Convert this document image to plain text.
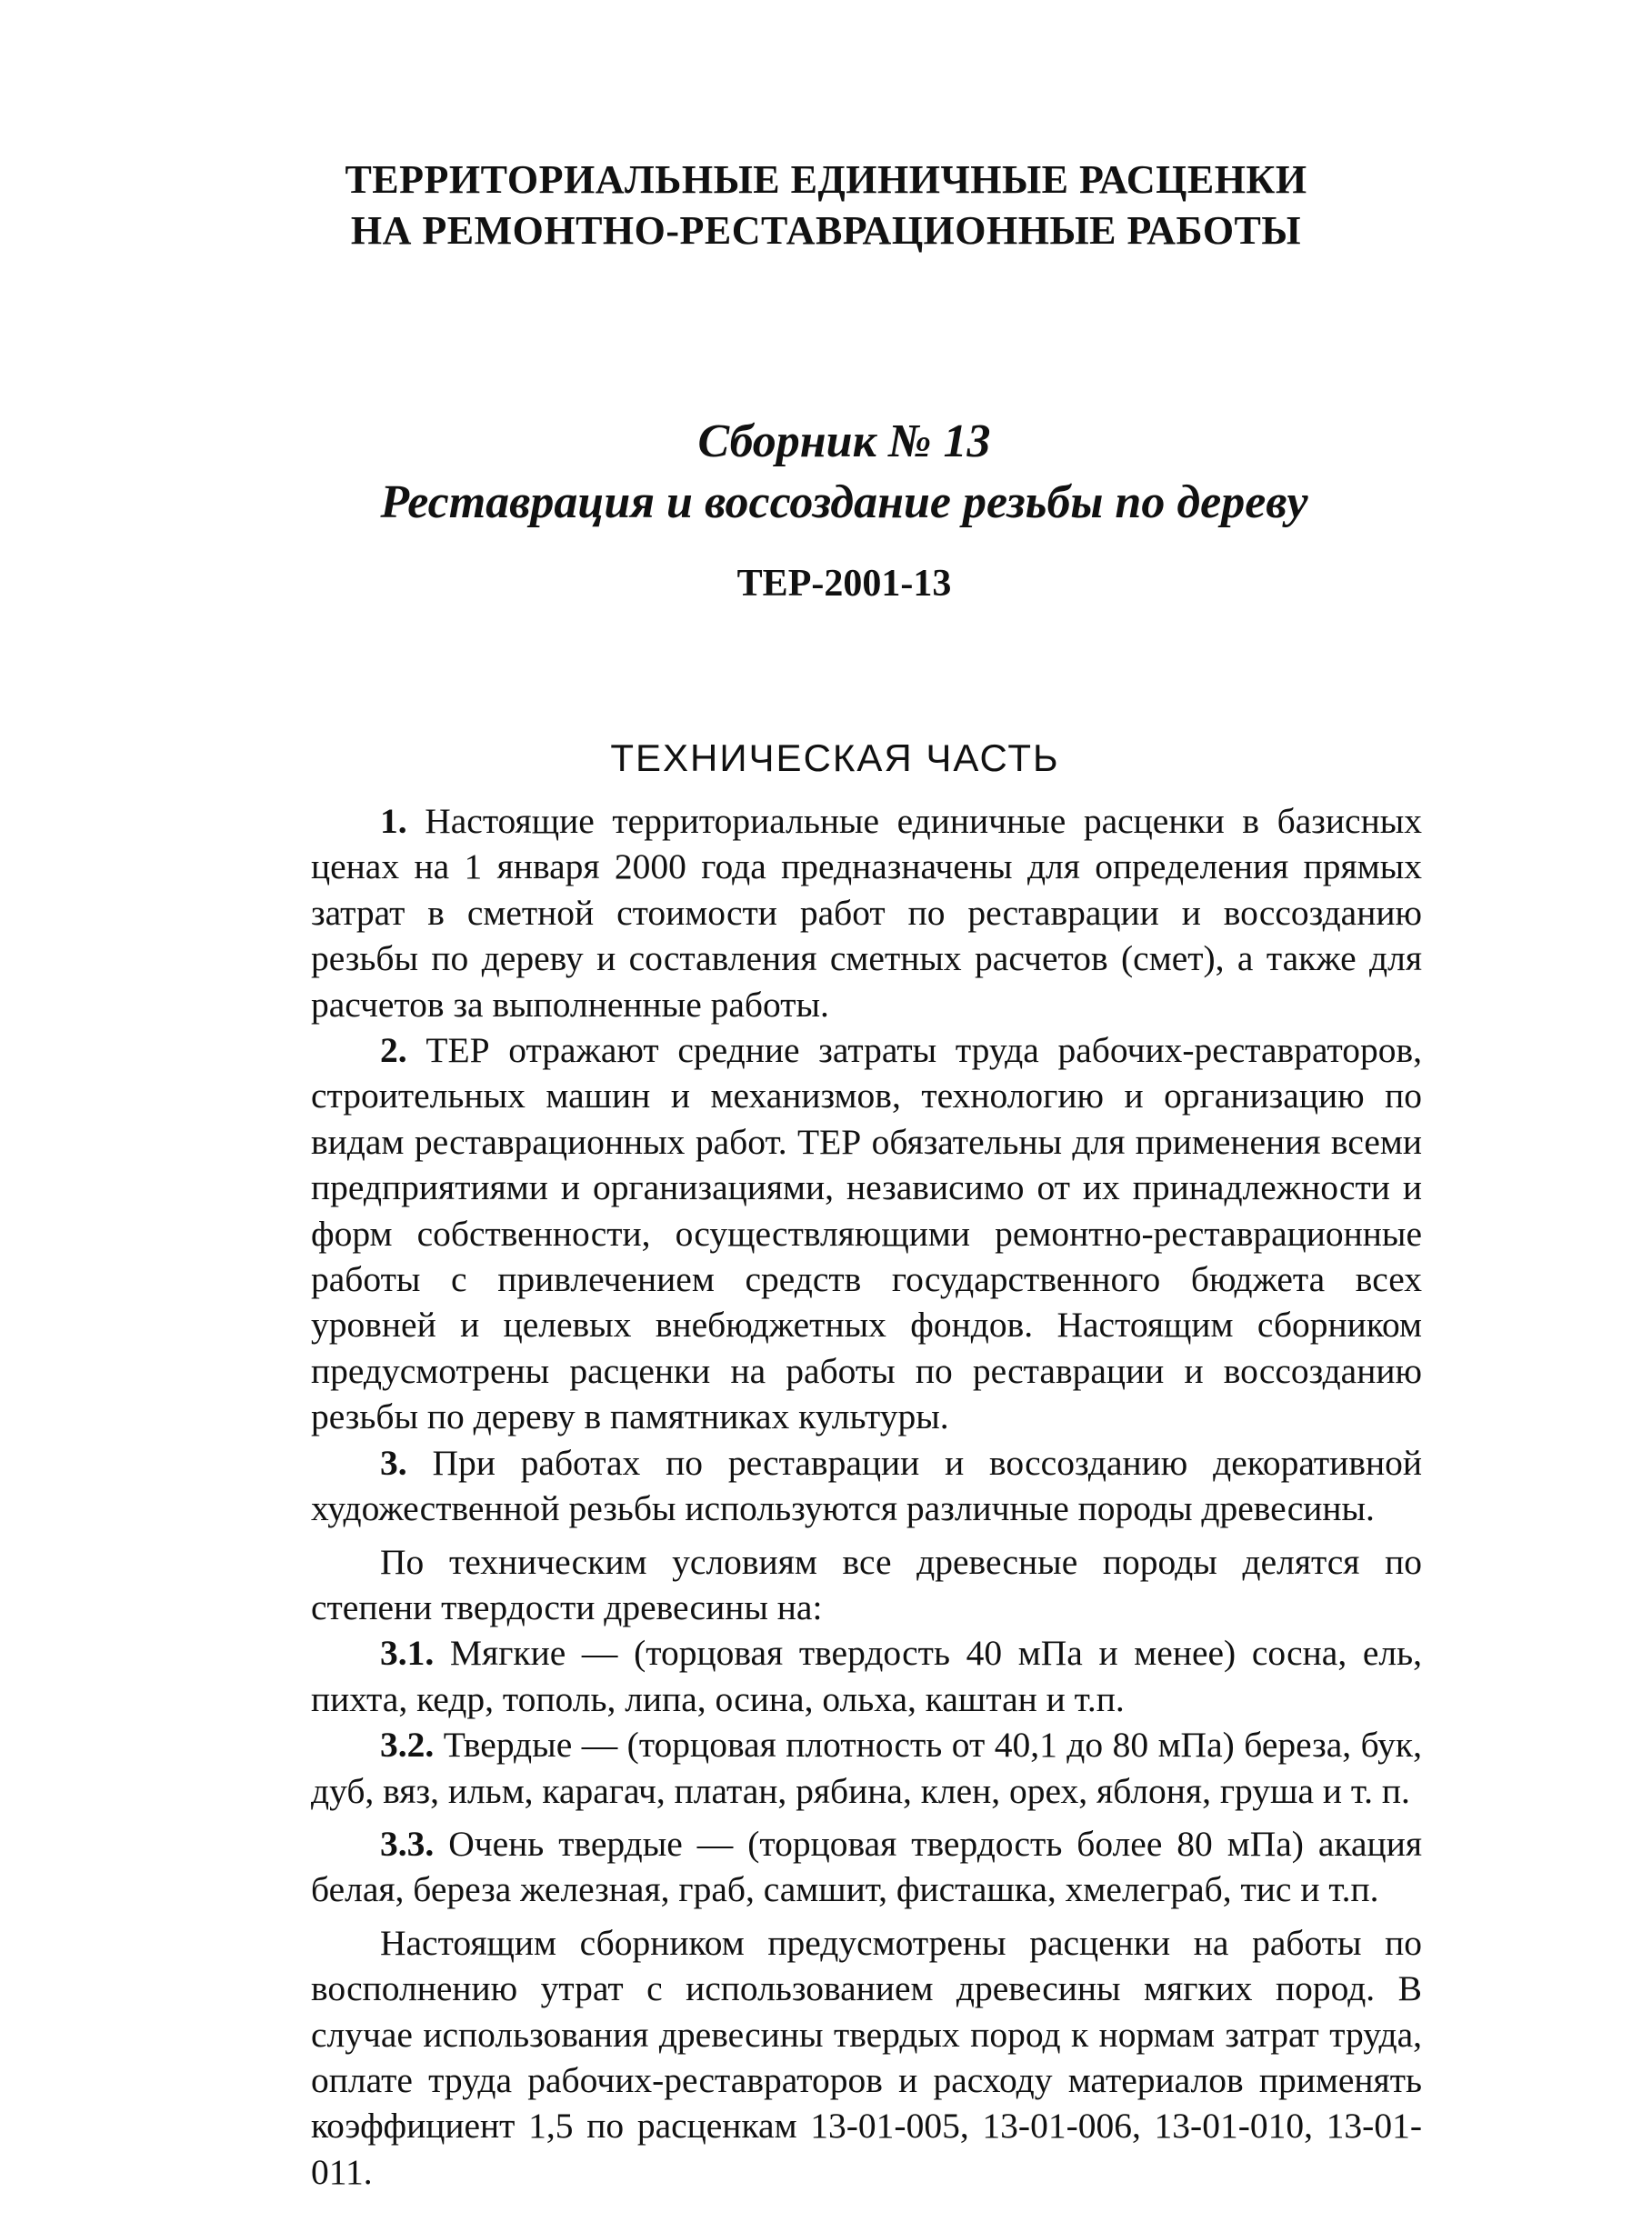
ТЕРРИТОРИАЛЬНЫЕ ЕДИНИЧНЫЕ РАСЦЕНКИ
НА РЕМОНТНО-РЕСТАВРАЦИОННЫЕ РАБОТЫ
Сборник № 13
Реставрация и воссоздание резьбы по дереву
ТЕР-2001-13
ТЕХНИЧЕСКАЯ ЧАСТЬ

1. Настоящие территориальные единичные расценки в базисных ценах на 1 января 2000 года предназначены для определения прямых затрат в сметной стоимости работ по реставрации и воссозданию резьбы по дереву и составления сметных расчетов (смет), а также для расчетов за выполненные работы.

2. ТЕР отражают средние затраты труда рабочих-реставраторов, строительных машин и механизмов, технологию и организацию по видам реставрационных работ. ТЕР обязательны для применения всеми предприятиями и организациями, независимо от их принадлежности и форм собственности, осуществляющими ремонтно-реставрационные работы с привлечением средств государственного бюджета всех уровней и целевых внебюджетных фондов. Настоящим сборником предусмотрены расценки на работы по реставрации и воссозданию резьбы по дереву в памятниках культуры.

3. При работах по реставрации и воссозданию декоративной художественной резьбы используются различные породы древесины.

По техническим условиям все древесные породы делятся по степени твердости древесины на:

3.1. Мягкие — (торцовая твердость 40 мПа и менее) сосна, ель, пихта, кедр, тополь, липа, осина, ольха, каштан и т.п.

3.2. Твердые — (торцовая плотность от 40,1 до 80 мПа) береза, бук, дуб, вяз, ильм, карагач, платан, рябина, клен, орех, яблоня, груша и т. п.

3.3. Очень твердые — (торцовая твердость более 80 мПа) акация белая, береза железная, граб, самшит, фисташка, хмелеграб, тис и т.п.

Настоящим сборником предусмотрены расценки на работы по восполнению утрат с использованием древесины мягких пород. В случае использования древесины твердых пород к нормам затрат труда, оплате труда рабочих-реставраторов и расходу материалов применять коэффициент 1,5 по расценкам 13-01-005, 13-01-006, 13-01-010, 13-01-011.
